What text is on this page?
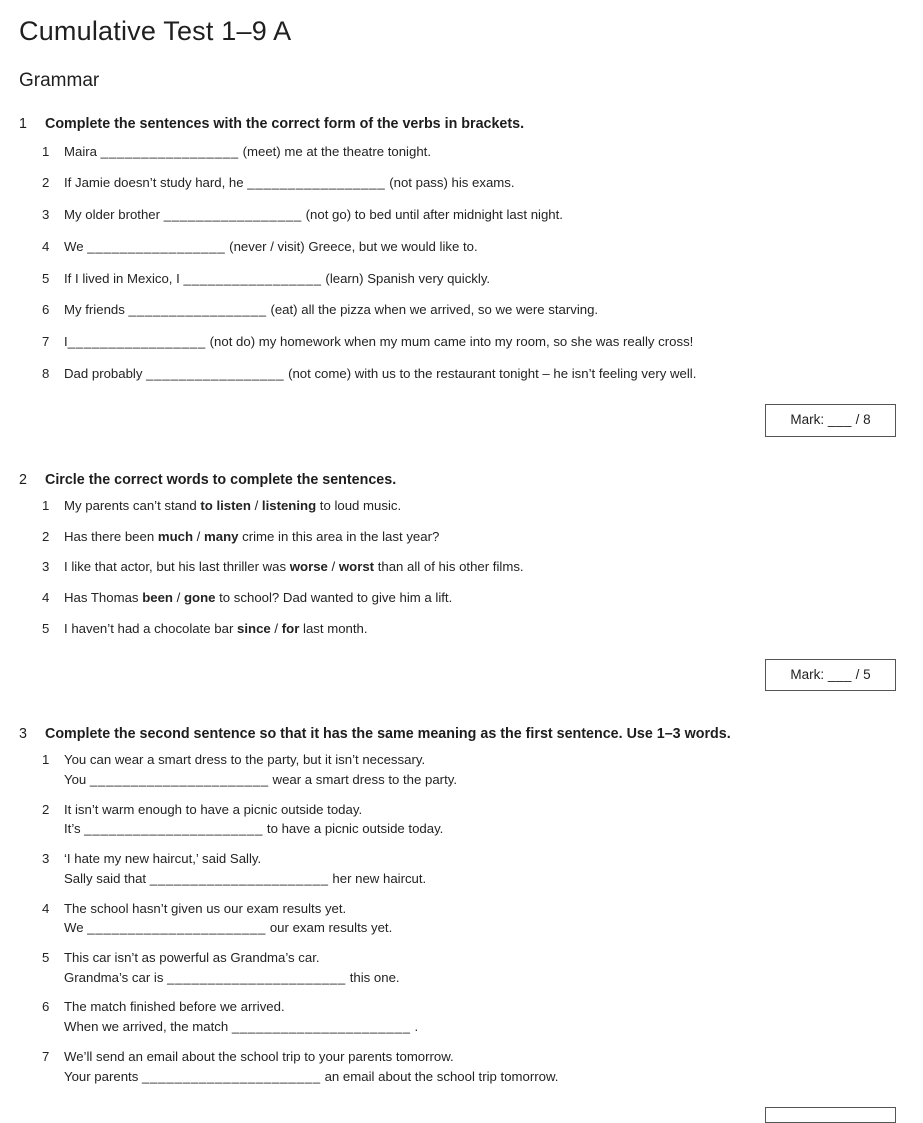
Cumulative Test 1–9 A
Grammar
1	Complete the sentences with the correct form of the verbs in brackets.
1	Maira _________________ (meet) me at the theatre tonight.
2	If Jamie doesn’t study hard, he _________________ (not pass) his exams.
3	My older brother _________________ (not go) to bed until after midnight last night.
4	We _________________ (never / visit) Greece, but we would like to.
5	If I lived in Mexico, I _________________ (learn) Spanish very quickly.
6	My friends _________________ (eat) all the pizza when we arrived, so we were starving.
7	I_________________ (not do) my homework when my mum came into my room, so she was really cross!
8	Dad probably _________________ (not come) with us to the restaurant tonight – he isn’t feeling very well.
Mark: ___ / 8
2	Circle the correct words to complete the sentences.
1	My parents can’t stand to listen / listening to loud music.
2	Has there been much / many crime in this area in the last year?
3	I like that actor, but his last thriller was worse / worst than all of his other films.
4	Has Thomas been / gone to school? Dad wanted to give him a lift.
5	I haven’t had a chocolate bar since / for last month.
Mark: ___ / 5
3	Complete the second sentence so that it has the same meaning as the first sentence. Use 1–3 words.
1	You can wear a smart dress to the party, but it isn’t necessary.
You ______________________ wear a smart dress to the party.
2	It isn’t warm enough to have a picnic outside today.
It’s ______________________ to have a picnic outside today.
3	‘I hate my new haircut,’ said Sally.
Sally said that ______________________ her new haircut.
4	The school hasn’t given us our exam results yet.
We ______________________ our exam results yet.
5	This car isn’t as powerful as Grandma’s car.
Grandma’s car is ______________________ this one.
6	The match finished before we arrived.
When we arrived, the match ______________________ .
7	We’ll send an email about the school trip to your parents tomorrow.
Your parents ______________________ an email about the school trip tomorrow.
